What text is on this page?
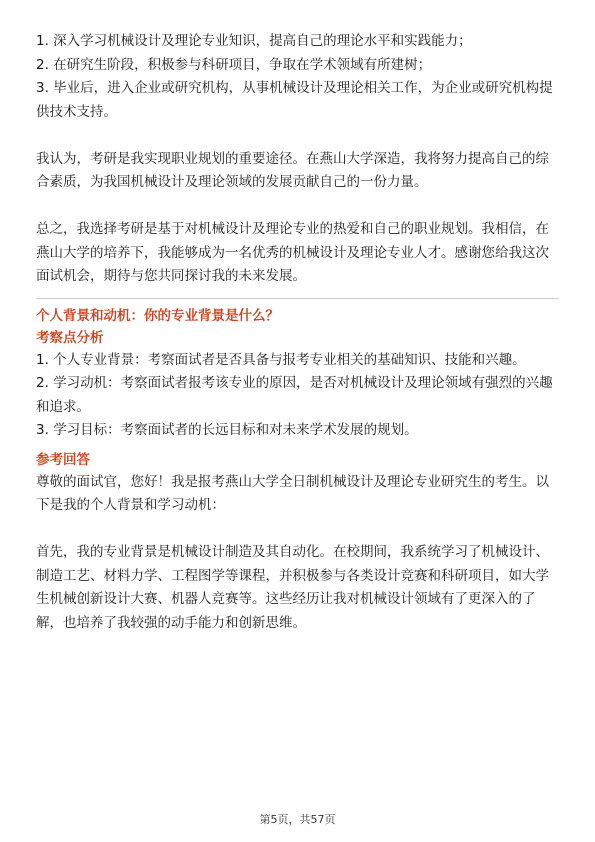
1. 深入学习机械设计及理论专业知识，提高自己的理论水平和实践能力；

2. 在研究生阶段，积极参与科研项目，争取在学术领域有所建树；

3. 毕业后，进入企业或研究机构，从事机械设计及理论相关工作，为企业或研究机构提供技术支持。

我认为，考研是我实现职业规划的重要途径。在燕山大学深造，我将努力提高自己的综合素质，为我国机械设计及理论领域的发展贡献自己的一份力量。

总之，我选择考研是基于对机械设计及理论专业的热爱和自己的职业规划。我相信，在燕山大学的培养下，我能够成为一名优秀的机械设计及理论专业人才。感谢您给我这次面试机会，期待与您共同探讨我的未来发展。

个人背景和动机：你的专业背景是什么？

考察点分析

1. 个人专业背景：考察面试者是否具备与报考专业相关的基础知识、技能和兴趣。

2. 学习动机：考察面试者报考该专业的原因，是否对机械设计及理论领域有强烈的兴趣和追求。

3. 学习目标：考察面试者的长远目标和对未来学术发展的规划。

参考回答

尊敬的面试官，您好！我是报考燕山大学全日制机械设计及理论专业研究生的考生。以下是我的个人背景和学习动机：

首先，我的专业背景是机械设计制造及其自动化。在校期间，我系统学习了机械设计、制造工艺、材料力学、工程图学等课程，并积极参与各类设计竞赛和科研项目，如大学生机械创新设计大赛、机器人竞赛等。这些经历让我对机械设计领域有了更深入的了解，也培养了我较强的动手能力和创新思维。

第5页，共57页
